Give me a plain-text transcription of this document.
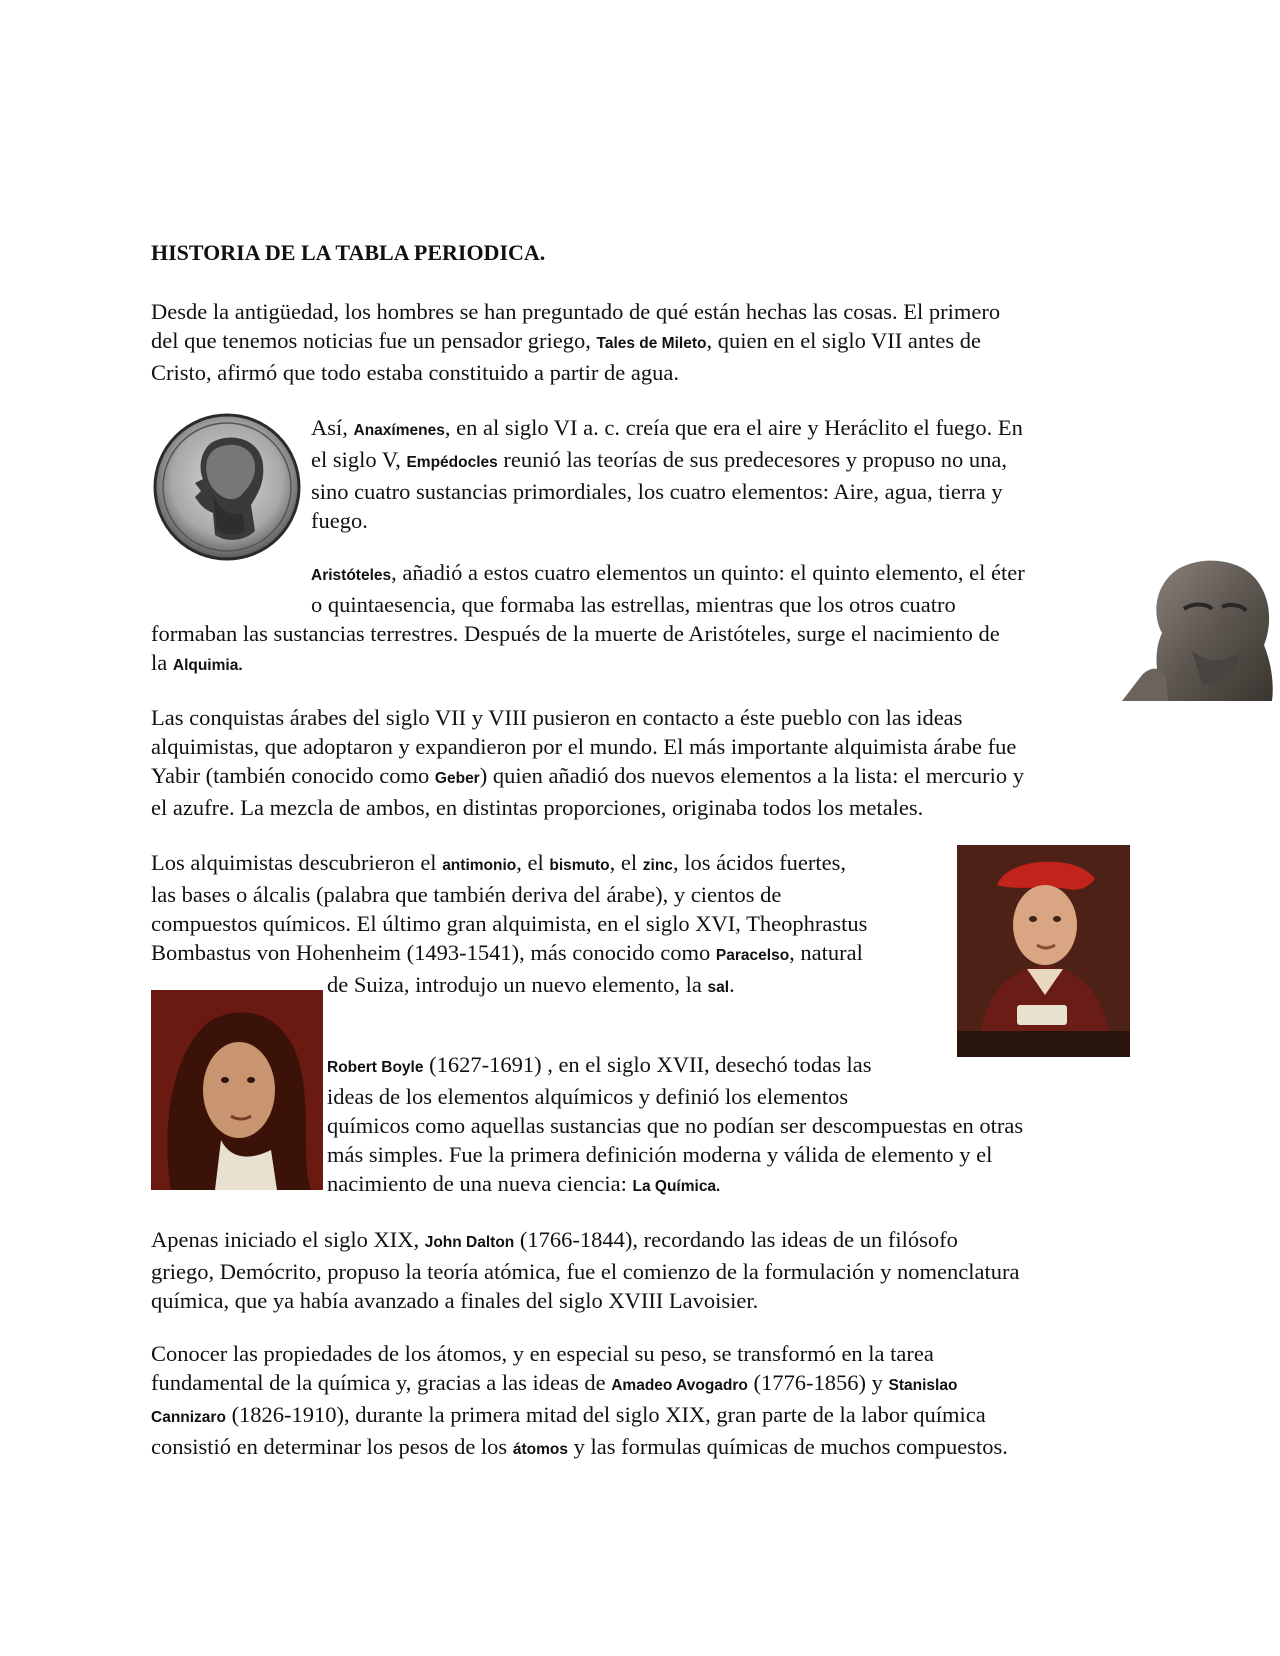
HISTORIA DE LA TABLA PERIODICA.
Desde la antigüedad, los hombres se han preguntado de qué están hechas las cosas. El primero
del que tenemos noticias fue un pensador griego, Tales de Mileto, quien en el siglo VII antes de
Cristo, afirmó que todo estaba constituido a partir de agua.
Así, Anaxímenes, en al siglo VI a. c. creía que era el aire y Heráclito el fuego. En
el siglo V, Empédocles reunió las teorías de sus predecesores y propuso no una,
sino cuatro sustancias primordiales, los cuatro elementos: Aire, agua, tierra y
fuego.
Aristóteles, añadió a estos cuatro elementos un quinto: el quinto elemento, el éter
o quintaesencia, que formaba las estrellas, mientras que los otros cuatro
formaban las sustancias terrestres. Después de la muerte de Aristóteles, surge el nacimiento de
la Alquimia.
Las conquistas árabes del siglo VII y VIII pusieron en contacto a éste pueblo con las ideas
alquimistas, que adoptaron y expandieron por el mundo. El más importante alquimista árabe fue
Yabir (también conocido como Geber) quien añadió dos nuevos elementos a la lista: el mercurio y
el azufre. La mezcla de ambos, en distintas proporciones, originaba todos los metales.
Los alquimistas descubrieron el antimonio, el bismuto, el zinc, los ácidos fuertes,
las bases o álcalis (palabra que también deriva del árabe), y cientos de
compuestos químicos. El último gran alquimista, en el siglo XVI, Theophrastus
Bombastus von Hohenheim (1493-1541), más conocido como Paracelso, natural
de Suiza, introdujo un nuevo elemento, la sal.
Robert Boyle (1627-1691) , en el siglo XVII, desechó todas las
ideas de los elementos alquímicos y definió los elementos
químicos como aquellas sustancias que no podían ser descompuestas en otras
más simples. Fue la primera definición moderna y válida de elemento y el
nacimiento de una nueva ciencia: La Química.
Apenas iniciado el siglo XIX, John Dalton (1766-1844), recordando las ideas de un filósofo
griego, Demócrito, propuso la teoría atómica, fue el comienzo de la formulación y nomenclatura
química, que ya había avanzado a finales del siglo XVIII Lavoisier.
Conocer las propiedades de los átomos, y en especial su peso, se transformó en la tarea
fundamental de la química y, gracias a las ideas de Amadeo Avogadro (1776-1856) y Stanislao
Cannizaro (1826-1910), durante la primera mitad del siglo XIX, gran parte de la labor química
consistió en determinar los pesos de los átomos y las formulas químicas de muchos compuestos.
